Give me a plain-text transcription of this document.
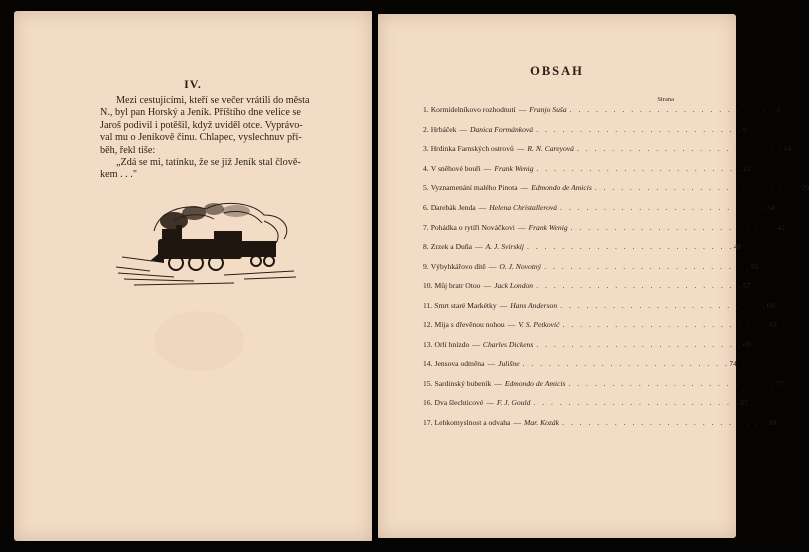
IV.
Mezi cestujícími, kteří se večer vrátili do města
N., byl pan Horský a Jeník. Příštího dne velice se
Jaroš podivil i potěšil, když uviděl otce. Vyprávo-
val mu o Jeníkově činu. Chlapec, vyslechnuv pří-
běh, řekl tiše:
„Zdá se mi, tatínku, že se již Jeník stal člově-
kem . . ."
OBSAH
Strana
1. Kormidelníkovo rozhodnutí — Franjo Suša . . . . . . . . . . . . . . . . . . . . . . . . 5
2. Hrbáček — Danica Formánková . . . . . . . . . . . . . . . . . . . . . . . . 9
3. Hrdinka Farnských ostrovů — R. N. Careyová . . . . . . . . . . . . . . . . . . . . . . . . 14
4. V sněhové bouři — Frank Wenig . . . . . . . . . . . . . . . . . . . . . . . . 21
5. Vyznamenání malého Pinota — Edmondo de Amicis . . . . . . . . . . . . . . . . . . . . . . . . 29
6. Darebák Jenda — Helena Christallerová . . . . . . . . . . . . . . . . . . . . . . . . 34
7. Pohádka o rytíři Nováčkovi — Frank Wenig . . . . . . . . . . . . . . . . . . . . . . . . 42
8. Zrzek a Duňa — A. J. Svirskij . . . . . . . . . . . . . . . . . . . . . . . . 48
9. Výbyhkářovo dítě — O. J. Novotný . . . . . . . . . . . . . . . . . . . . . . . . 55
10. Můj bratr Otoo — Jack London . . . . . . . . . . . . . . . . . . . . . . . . 57
11. Smrt staré Markétky — Hans Anderson . . . . . . . . . . . . . . . . . . . . . . . . 60
12. Míja s dřevěnou nohou — V. S. Petković . . . . . . . . . . . . . . . . . . . . . . . . 63
13. Orlí hnízdo — Charles Dickens . . . . . . . . . . . . . . . . . . . . . . . . 69
14. Jensova odměna — Julišne . . . . . . . . . . . . . . . . . . . . . . . . 74
15. Sardinský bubeník — Edmondo de Amicis . . . . . . . . . . . . . . . . . . . . . . . . 77
16. Dva šlechticové — F. J. Gould . . . . . . . . . . . . . . . . . . . . . . . . 87
17. Lehkomyslnost a odvaha — Mar. Kozák . . . . . . . . . . . . . . . . . . . . . . . . 89
